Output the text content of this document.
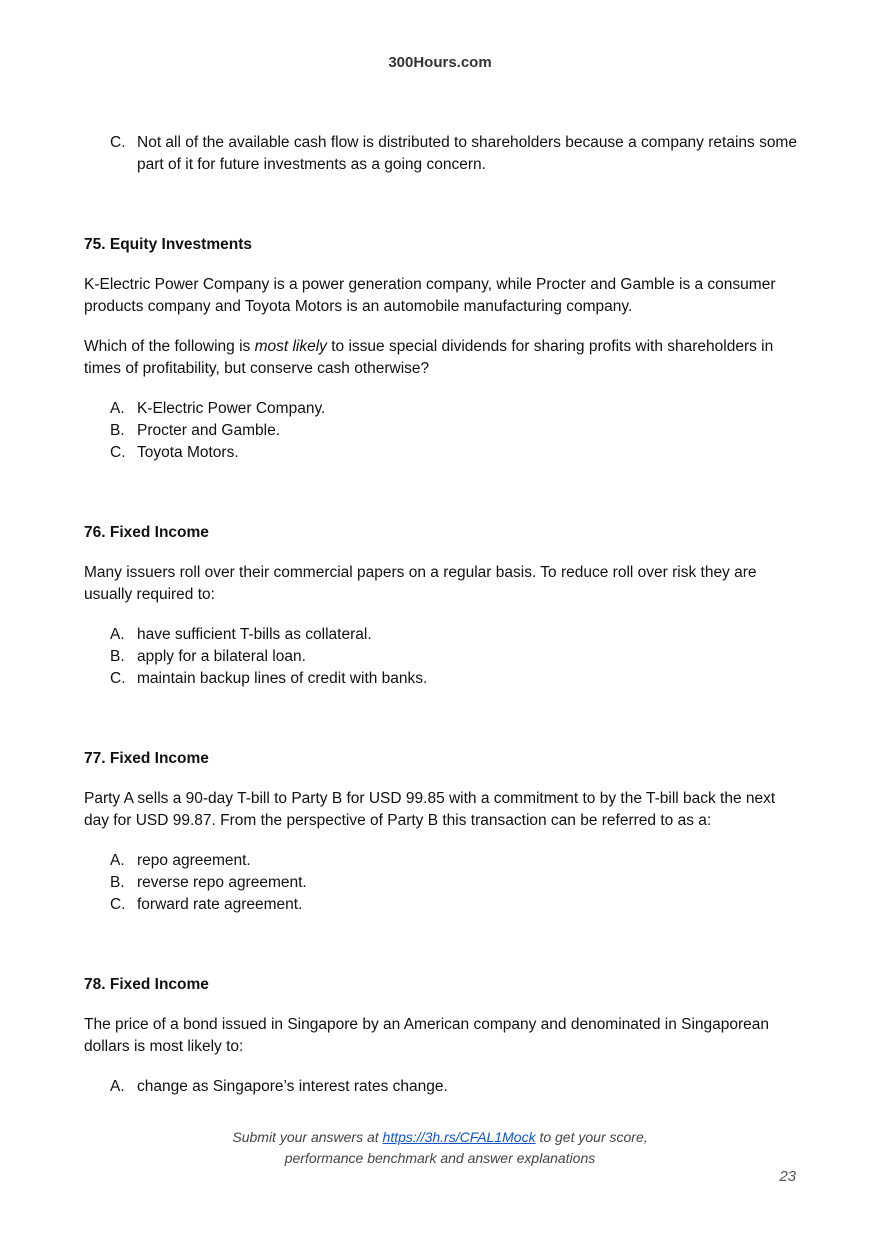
300Hours.com
C. Not all of the available cash flow is distributed to shareholders because a company retains some part of it for future investments as a going concern.

75. Equity Investments

K-Electric Power Company is a power generation company, while Procter and Gamble is a consumer products company and Toyota Motors is an automobile manufacturing company.

Which of the following is most likely to issue special dividends for sharing profits with shareholders in times of profitability, but conserve cash otherwise?

A. K-Electric Power Company.
B. Procter and Gamble.
C. Toyota Motors.

76. Fixed Income

Many issuers roll over their commercial papers on a regular basis. To reduce roll over risk they are usually required to:

A. have sufficient T-bills as collateral.
B. apply for a bilateral loan.
C. maintain backup lines of credit with banks.

77. Fixed Income

Party A sells a 90-day T-bill to Party B for USD 99.85 with a commitment to by the T-bill back the next day for USD 99.87. From the perspective of Party B this transaction can be referred to as a:

A. repo agreement.
B. reverse repo agreement.
C. forward rate agreement.

78. Fixed Income

The price of a bond issued in Singapore by an American company and denominated in Singaporean dollars is most likely to:

A. change as Singapore’s interest rates change.
Submit your answers at https://3h.rs/CFAL1Mock to get your score,
performance benchmark and answer explanations
23
